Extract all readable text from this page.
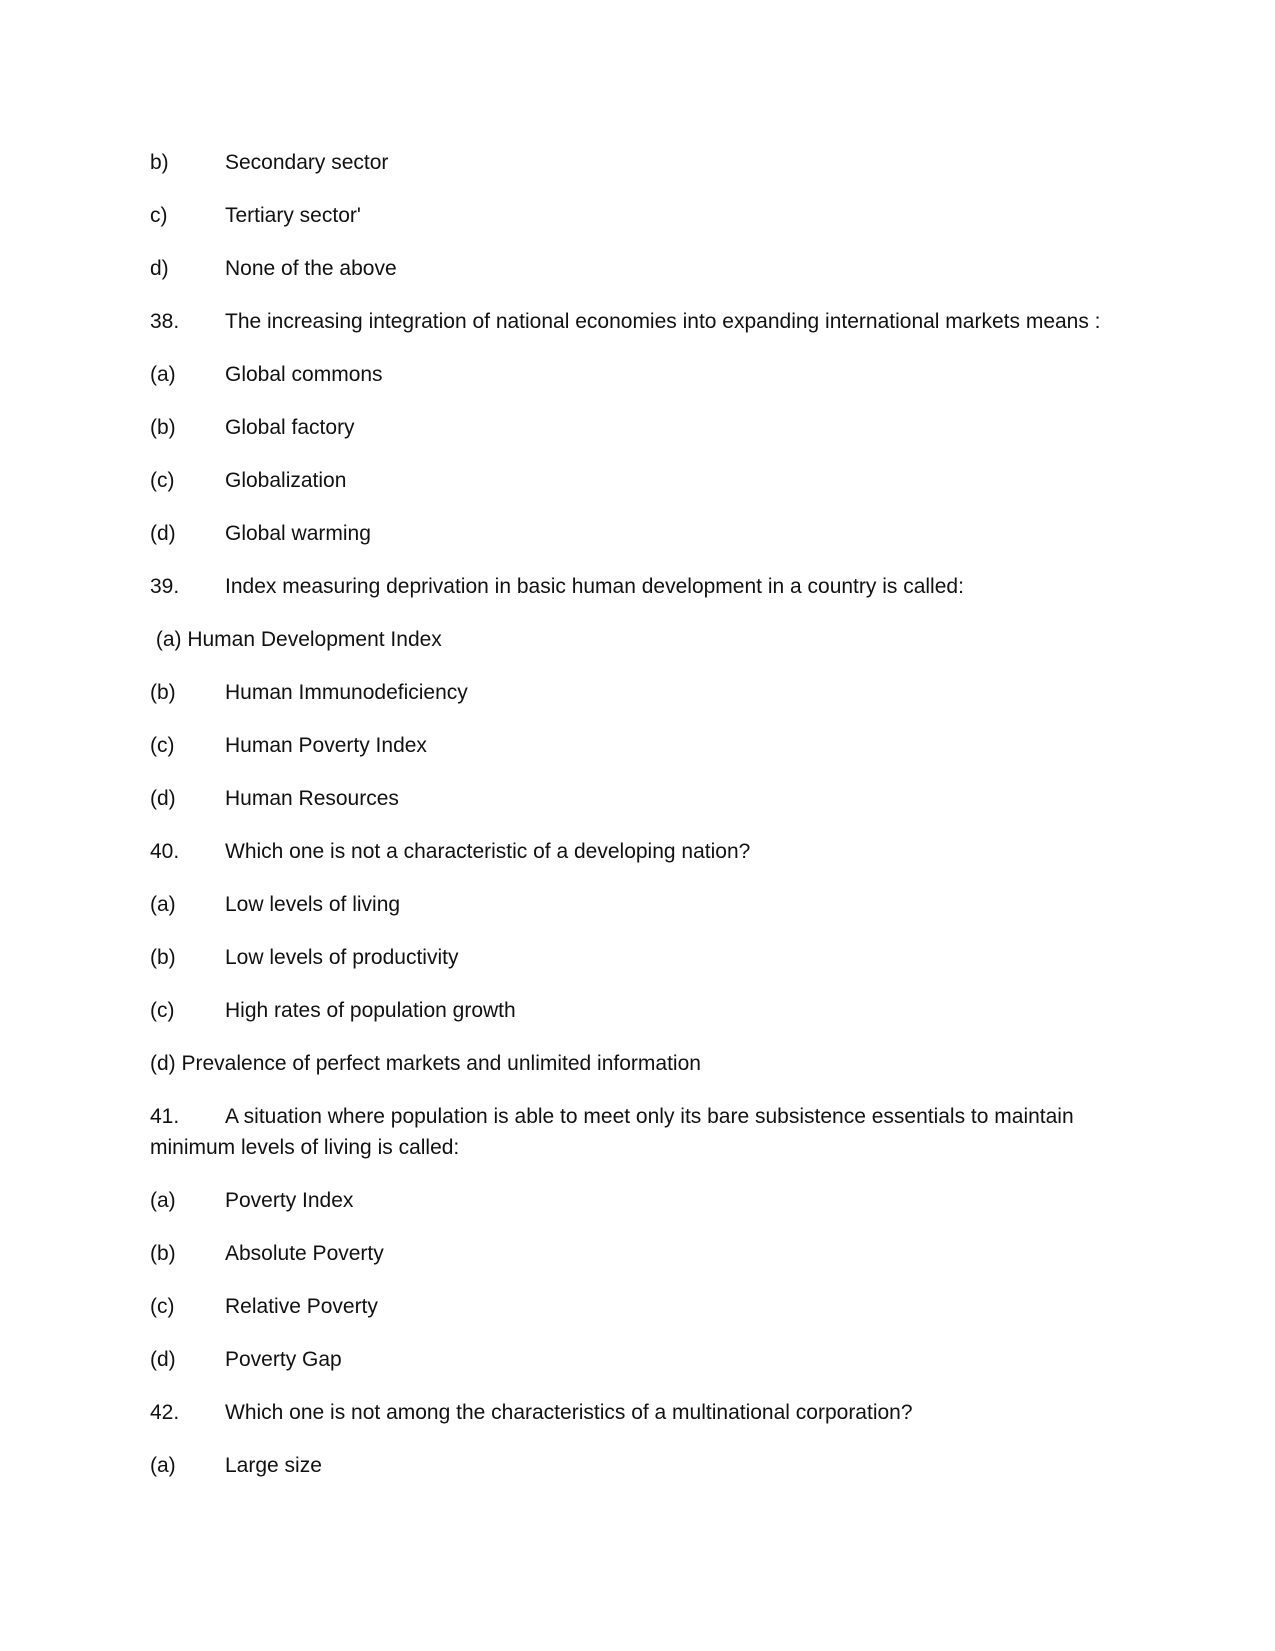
b)	Secondary sector
c)	Tertiary sector'
d)	None of the above
38. The increasing integration of national economies into expanding international markets means :
(a) Global commons
(b) Global factory
(c) Globalization
(d) Global warming
39. Index measuring deprivation in basic human development in a country is called:
(a) Human Development Index
(b) Human Immunodeficiency
(c) Human Poverty Index
(d) Human Resources
40. Which one is not a characteristic of a developing nation?
(a) Low levels of living
(b) Low levels of productivity
(c) High rates of population growth
(d) Prevalence of perfect markets and unlimited information
41. A situation where population is able to meet only its bare subsistence essentials to maintain minimum levels of living is called:
(a) Poverty Index
(b) Absolute Poverty
(c) Relative Poverty
(d) Poverty Gap
42. Which one is not among the characteristics of a multinational corporation?
(a) Large size
